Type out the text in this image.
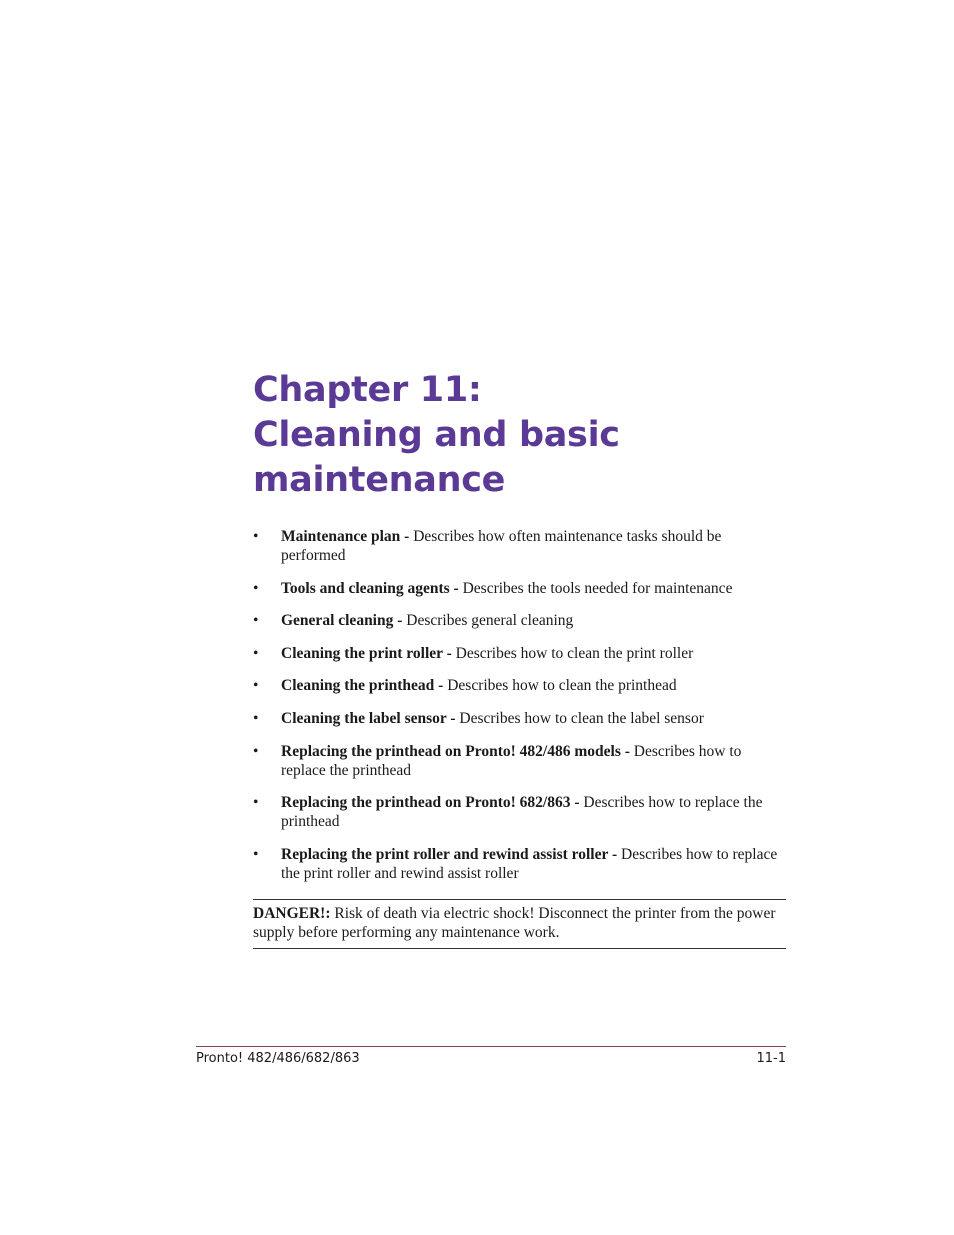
Chapter 11:
Cleaning and basic
maintenance
• Maintenance plan - Describes how often maintenance tasks should be performed
• Tools and cleaning agents - Describes the tools needed for maintenance
• General cleaning - Describes general cleaning
• Cleaning the print roller - Describes how to clean the print roller
• Cleaning the printhead - Describes how to clean the printhead
• Cleaning the label sensor - Describes how to clean the label sensor
• Replacing the printhead on Pronto! 482/486 models - Describes how to replace the printhead
• Replacing the printhead on Pronto! 682/863 - Describes how to replace the printhead
• Replacing the print roller and rewind assist roller - Describes how to replace the print roller and rewind assist roller
DANGER!: Risk of death via electric shock! Disconnect the printer from the power supply before performing any maintenance work.
Pronto! 482/486/682/863	11-1
